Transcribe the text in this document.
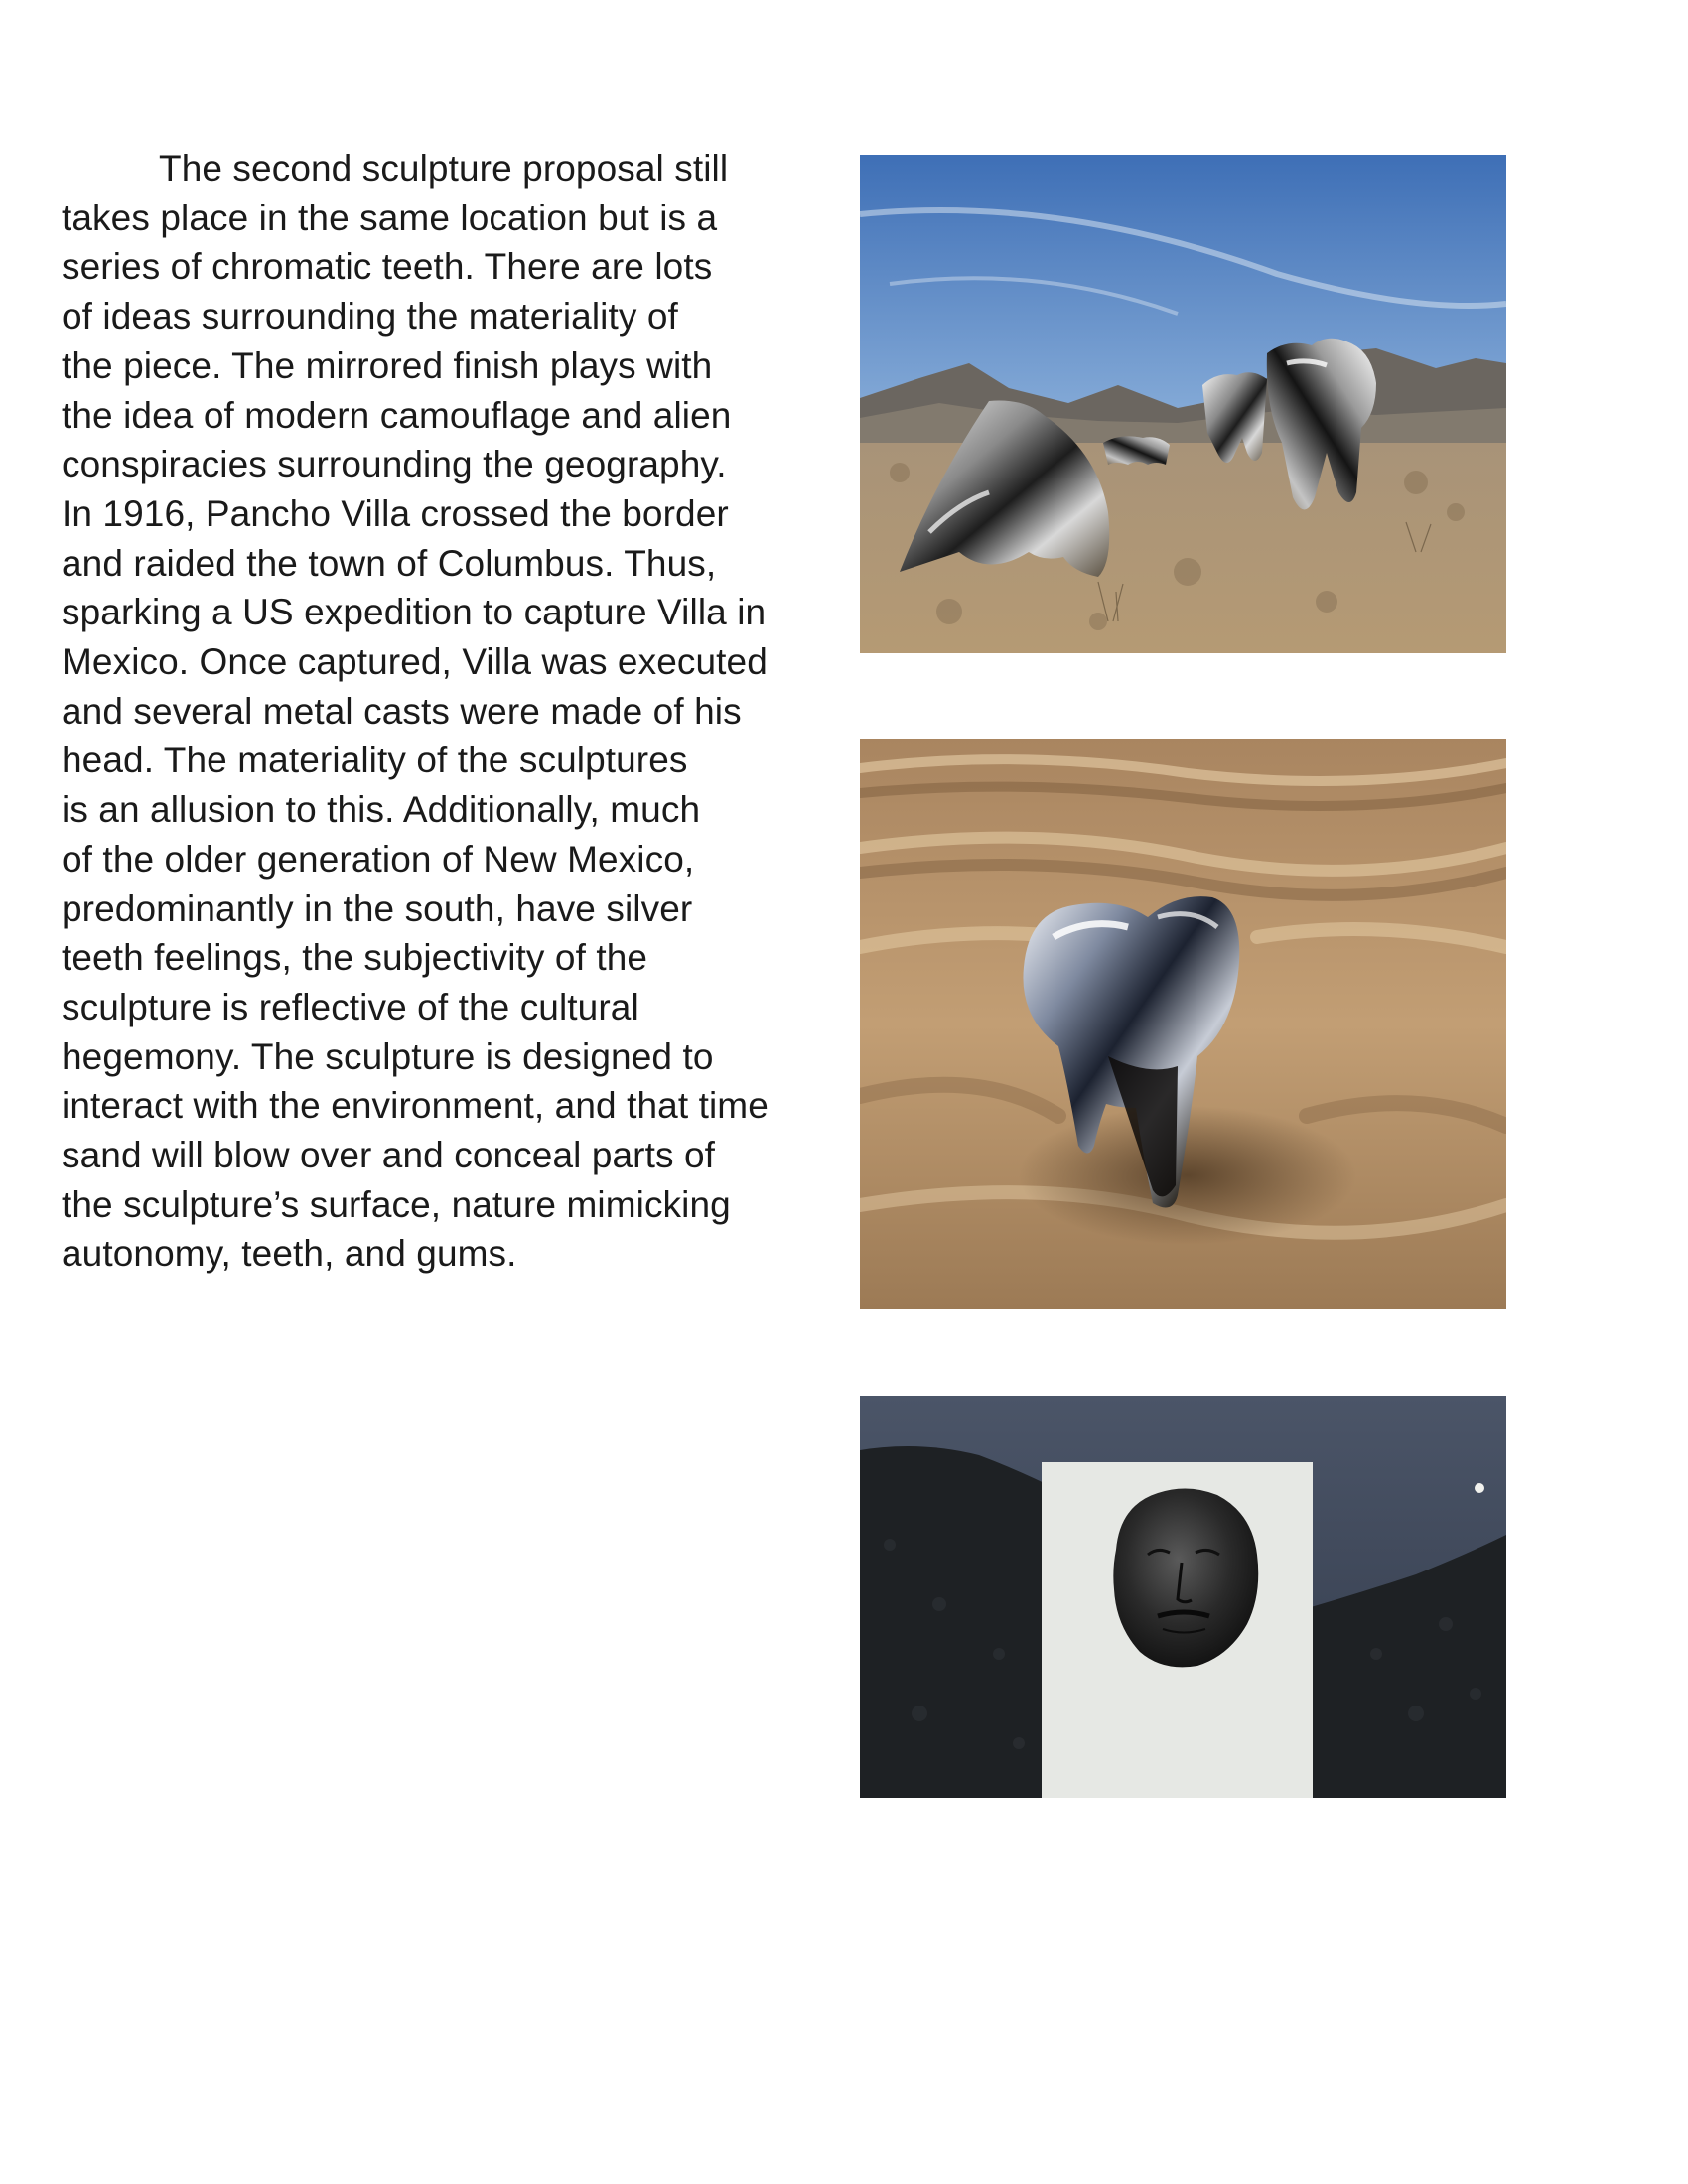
The second sculpture proposal still
takes place in the same location but is a
series of chromatic teeth. There are lots
of ideas surrounding the materiality of
the piece. The mirrored finish plays with
the idea of modern camouflage and alien
conspiracies surrounding the geography.
In 1916, Pancho Villa crossed the border
and raided the town of Columbus. Thus,
sparking a US expedition to capture Villa in
Mexico. Once captured, Villa was executed
and several metal casts were made of his
head. The materiality of the sculptures
is an allusion to this. Additionally, much
of the older generation of New Mexico,
predominantly in the south, have silver
teeth feelings, the subjectivity of the
sculpture is reflective of the cultural
hegemony. The sculpture is designed to
interact with the environment, and that time
sand will blow over and conceal parts of
the sculpture’s surface, nature mimicking
autonomy, teeth, and gums.
